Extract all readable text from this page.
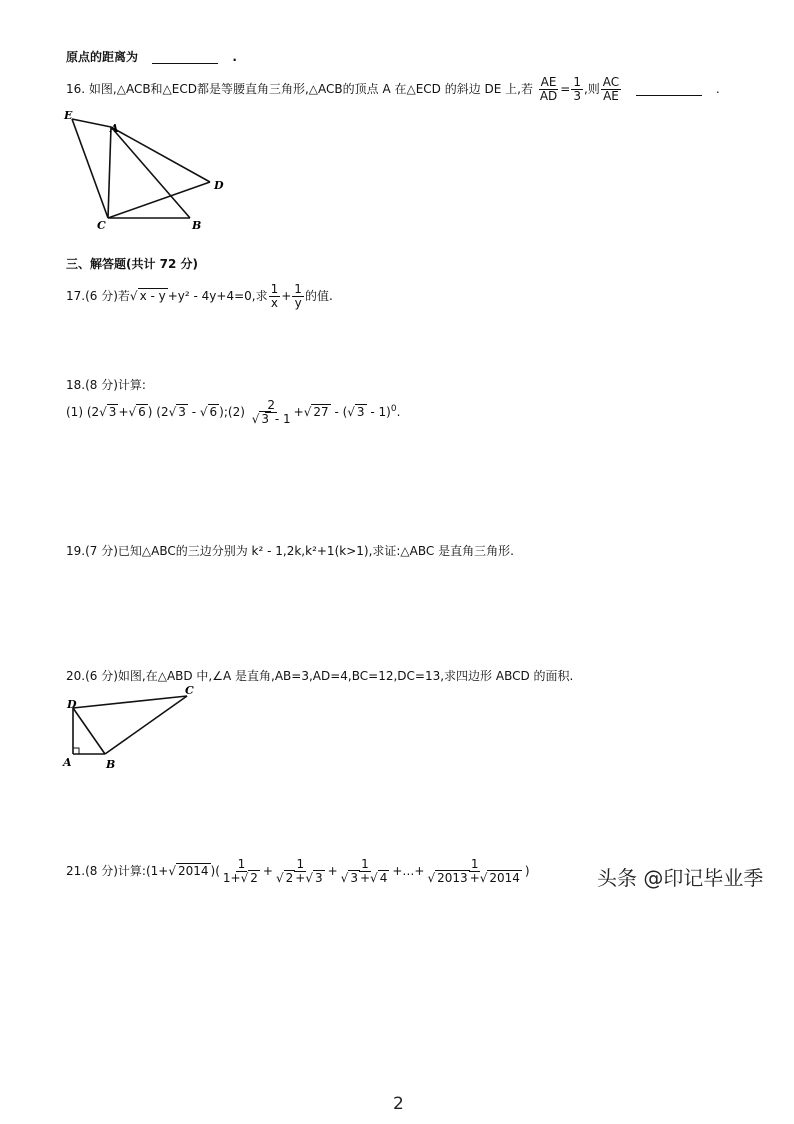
原点的距离为	.
16. 如图,△ACB和△ECD都是等腰直角三角形,△ACB的顶点 A 在△ECD 的斜边 DE 上,若 $\frac{AE}{AD} = \frac{1}{3}$ ,则 $\frac{AC}{AE}$	.
E
A
D
C	B
三、解答题(共计 72 分)
17.(6 分)若√ x - y +y² - 4y+4=0,求 $\frac{1}{x} + \frac{1}{y}$ 的值.
18.(8 分)计算:
(1) (2√ 3 +√ 6 ) (2√ 3 - √ 6 );(2) $\frac{2}{√ 3 - 1}$ +√ 27 - (√ 3 - 1)$^0$.
19.(7 分)已知△ABC的三边分别为 k² - 1,2k,k²+1(k>1),求证:△ABC 是直角三角形.
20.(6 分)如图,在△ABD 中,∠A 是直角,AB=3,AD=4,BC=12,DC=13,求四边形 ABCD 的面积.
D
C
A	B
21.(8 分)计算:(1+√ 2014 )( $\frac{1}{1+√ 2} + \frac{1}{√ 2 +√ 3} + \frac{1}{√ 3 +√ 4}$ +…+ $\frac{1}{√ 2013 +√ 2014}$ )	头条 @印记毕业季
2
